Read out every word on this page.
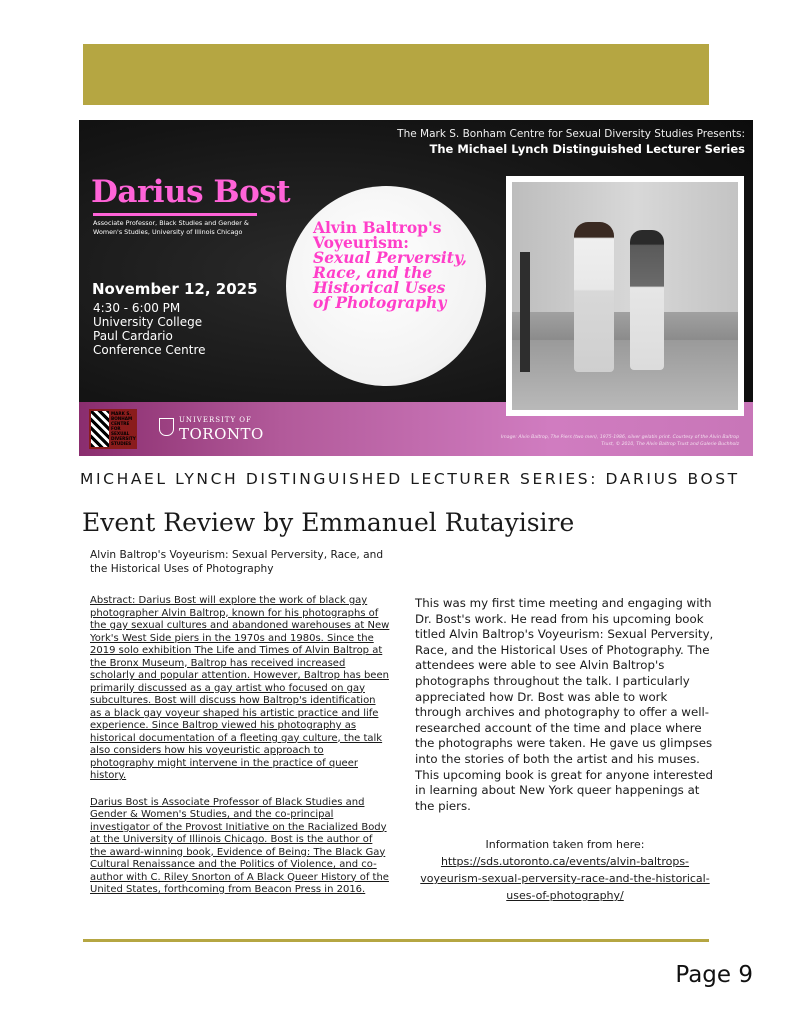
The Mark S. Bonham Centre for Sexual Diversity Studies Presents:
The Michael Lynch Distinguished Lecturer Series
Darius Bost
Associate Professor, Black Studies and Gender & Women's Studies, University of Illinois Chicago
November 12, 2025
4:30 - 6:00 PM
University College
Paul Cardario
Conference Centre
Alvin Baltrop's
Voyeurism:
Sexual Perversity,
Race, and the
Historical Uses
of Photography
Image: Alvin Baltrop, The Piers (two men), 1975-1986, silver gelatin print. Courtesy of the Alvin Baltrop Trust, © 2010, The Alvin Baltrop Trust and Galerie Buchholz
MARK S. BONHAM CENTRE FOR SEXUAL DIVERSITY STUDIES
UNIVERSITY OF
TORONTO
MICHAEL LYNCH DISTINGUISHED LECTURER SERIES: DARIUS BOST
Event Review by Emmanuel Rutayisire

Alvin Baltrop's Voyeurism: Sexual Perversity, Race, and the Historical Uses of Photography

Abstract: Darius Bost will explore the work of black gay photographer Alvin Baltrop, known for his photographs of the gay sexual cultures and abandoned warehouses at New York's West Side piers in the 1970s and 1980s. Since the 2019 solo exhibition The Life and Times of Alvin Baltrop at the Bronx Museum, Baltrop has received increased scholarly and popular attention. However, Baltrop has been primarily discussed as a gay artist who focused on gay subcultures. Bost will discuss how Baltrop's identification as a black gay voyeur shaped his artistic practice and life experience. Since Baltrop viewed his photography as historical documentation of a fleeting gay culture, the talk also considers how his voyeuristic approach to photography might intervene in the practice of queer history.

Darius Bost is Associate Professor of Black Studies and Gender & Women's Studies, and the co-principal investigator of the Provost Initiative on the Racialized Body at the University of Illinois Chicago. Bost is the author of the award-winning book, Evidence of Being: The Black Gay Cultural Renaissance and the Politics of Violence, and co-author with C. Riley Snorton of A Black Queer History of the United States, forthcoming from Beacon Press in 2016.

This was my first time meeting and engaging with Dr. Bost's work. He read from his upcoming book titled Alvin Baltrop's Voyeurism: Sexual Perversity, Race, and the Historical Uses of Photography. The attendees were able to see Alvin Baltrop's photographs throughout the talk. I particularly appreciated how Dr. Bost was able to work through archives and photography to offer a well-researched account of the time and place where the photographs were taken. He gave us glimpses into the stories of both the artist and his muses. This upcoming book is great for anyone interested in learning about New York queer happenings at the piers.

Information taken from here:
https://sds.utoronto.ca/events/alvin-baltrops-voyeurism-sexual-perversity-race-and-the-historical-uses-of-photography/
Page 9
